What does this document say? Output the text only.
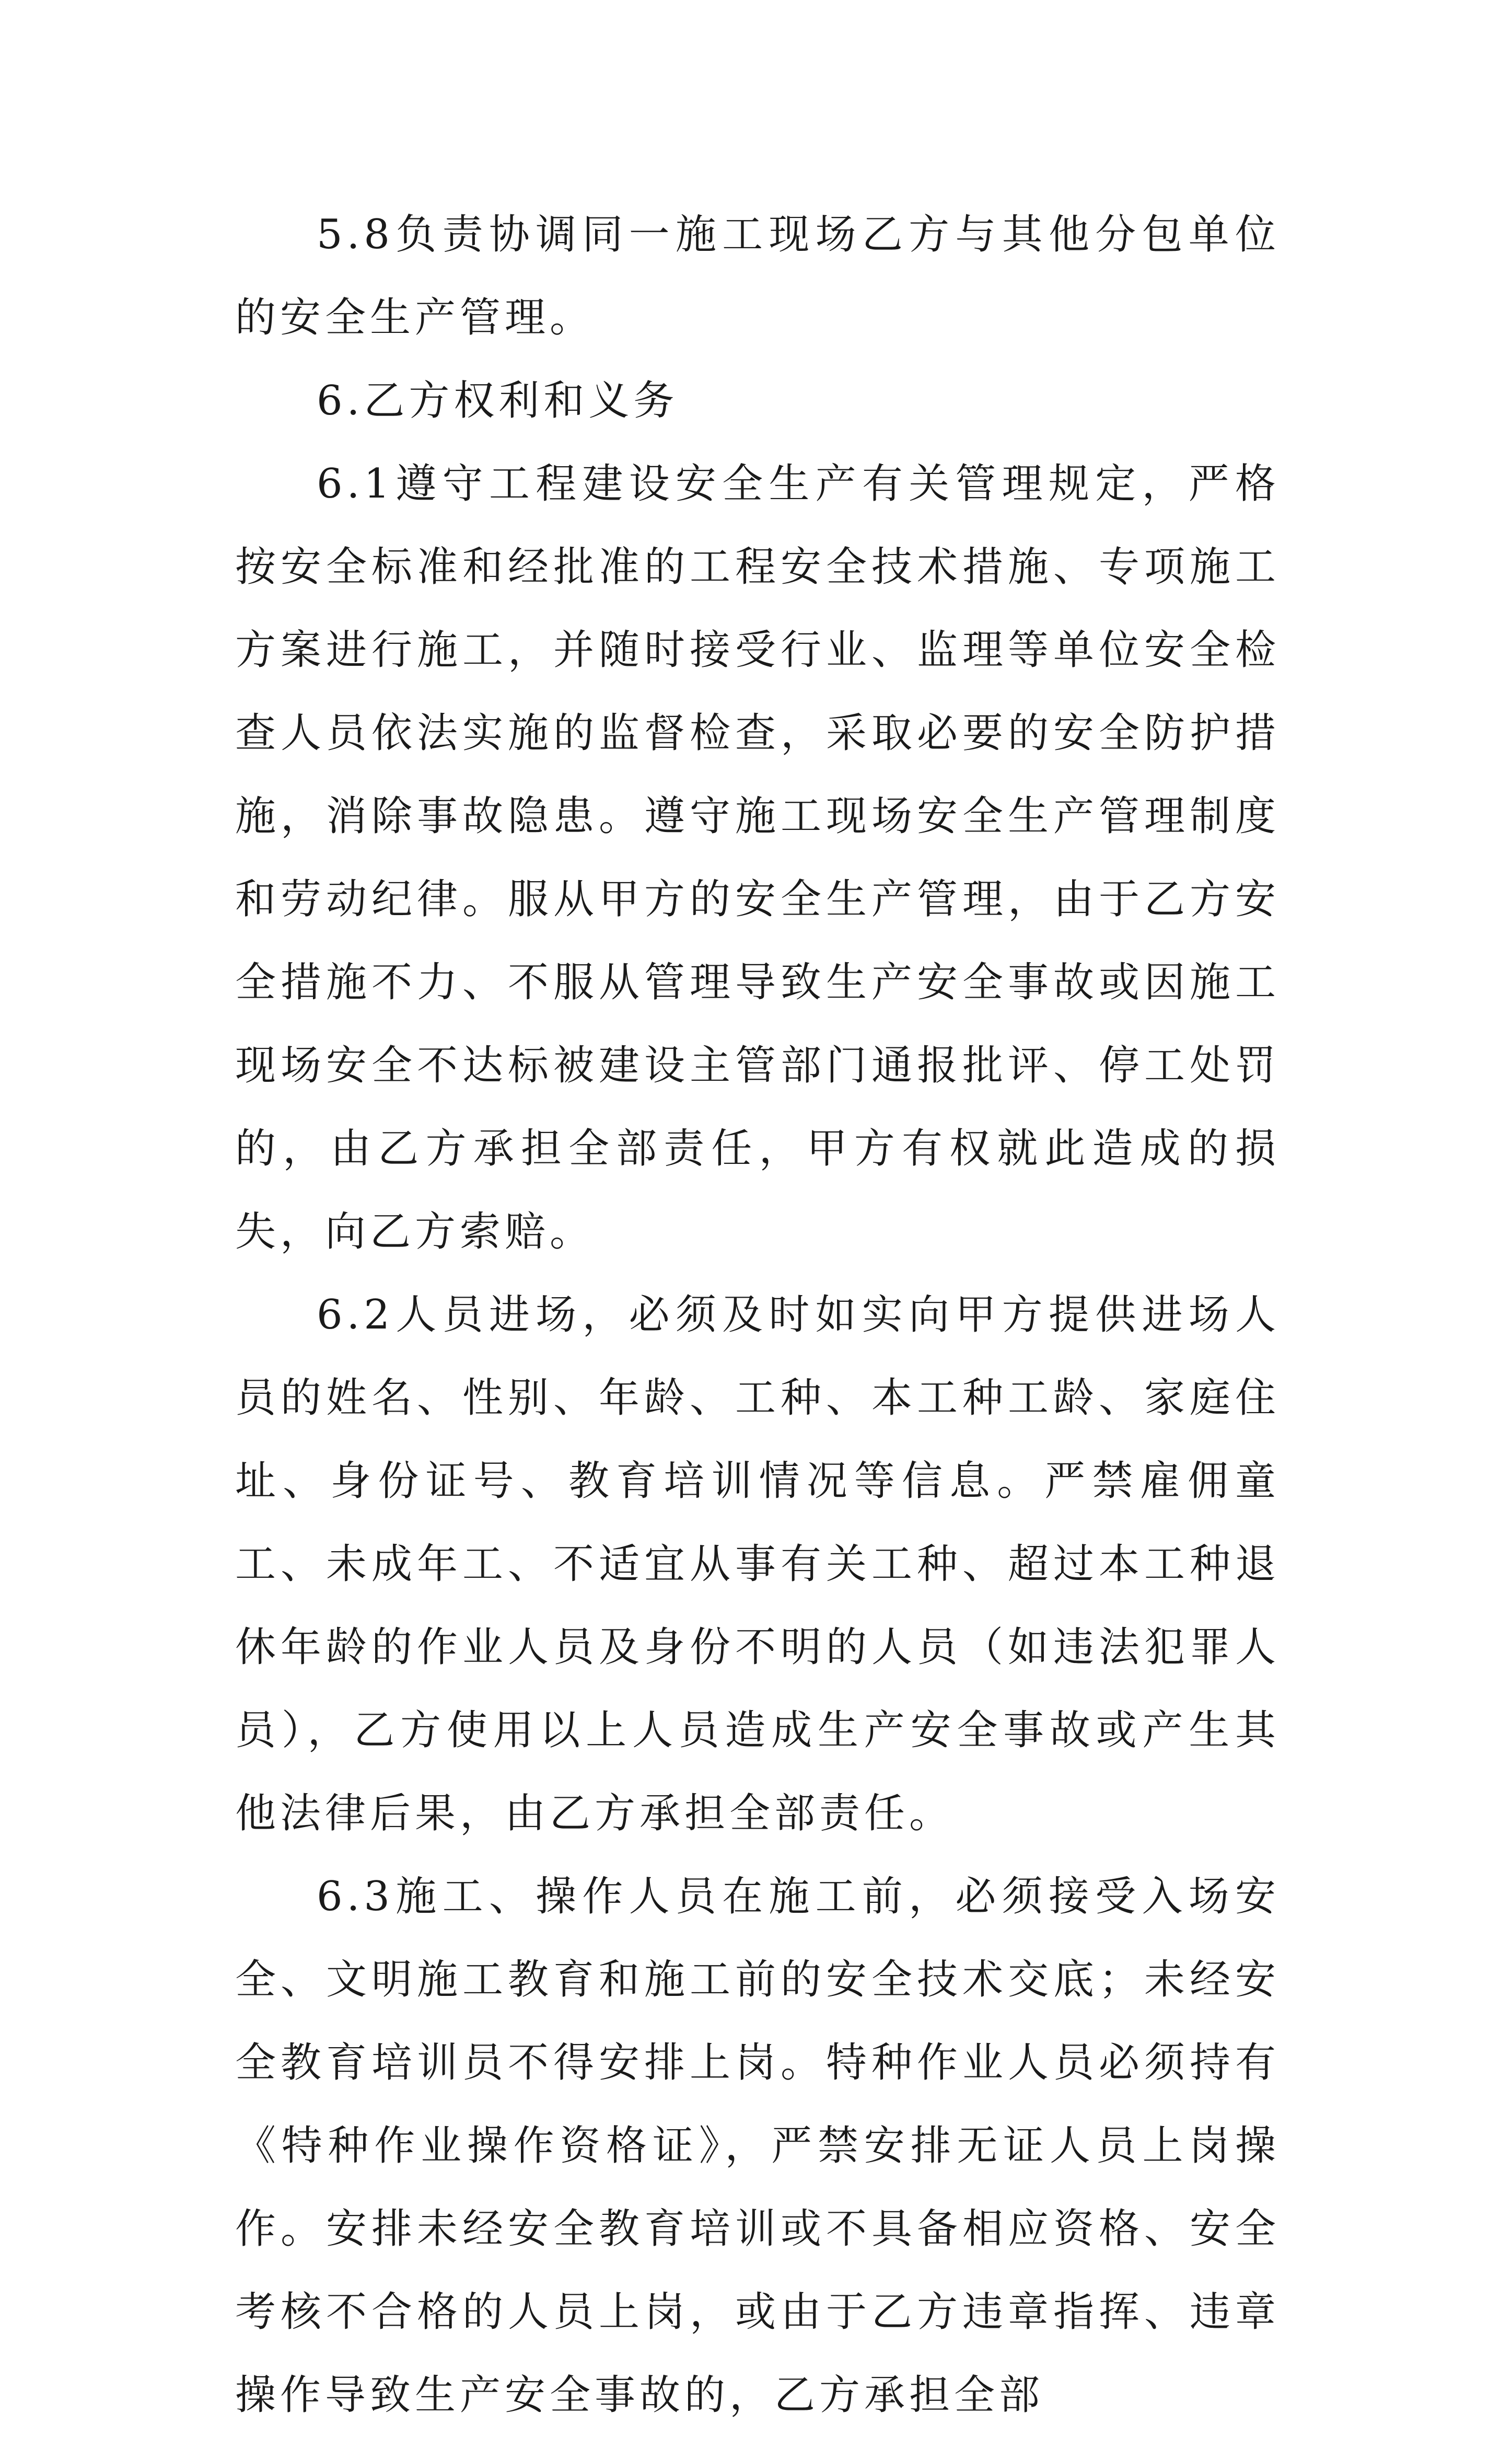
5.8负责协调同一施工现场乙方与其他分包单位的安全生产管理。

6.乙方权利和义务

6.1遵守工程建设安全生产有关管理规定，严格按安全标准和经批准的工程安全技术措施、专项施工方案进行施工，并随时接受行业、监理等单位安全检查人员依法实施的监督检查，采取必要的安全防护措施，消除事故隐患。遵守施工现场安全生产管理制度和劳动纪律。服从甲方的安全生产管理，由于乙方安全措施不力、不服从管理导致生产安全事故或因施工现场安全不达标被建设主管部门通报批评、停工处罚的，由乙方承担全部责任，甲方有权就此造成的损失，向乙方索赔。

6.2人员进场，必须及时如实向甲方提供进场人员的姓名、性别、年龄、工种、本工种工龄、家庭住址、身份证号、教育培训情况等信息。严禁雇佣童工、未成年工、不适宜从事有关工种、超过本工种退休年龄的作业人员及身份不明的人员（如违法犯罪人员），乙方使用以上人员造成生产安全事故或产生其他法律后果，由乙方承担全部责任。

6.3施工、操作人员在施工前，必须接受入场安全、文明施工教育和施工前的安全技术交底；未经安全教育培训员不得安排上岗。特种作业人员必须持有《特种作业操作资格证》，严禁安排无证人员上岗操作。安排未经安全教育培训或不具备相应资格、安全考核不合格的人员上岗，或由于乙方违章指挥、违章操作导致生产安全事故的，乙方承担全部
